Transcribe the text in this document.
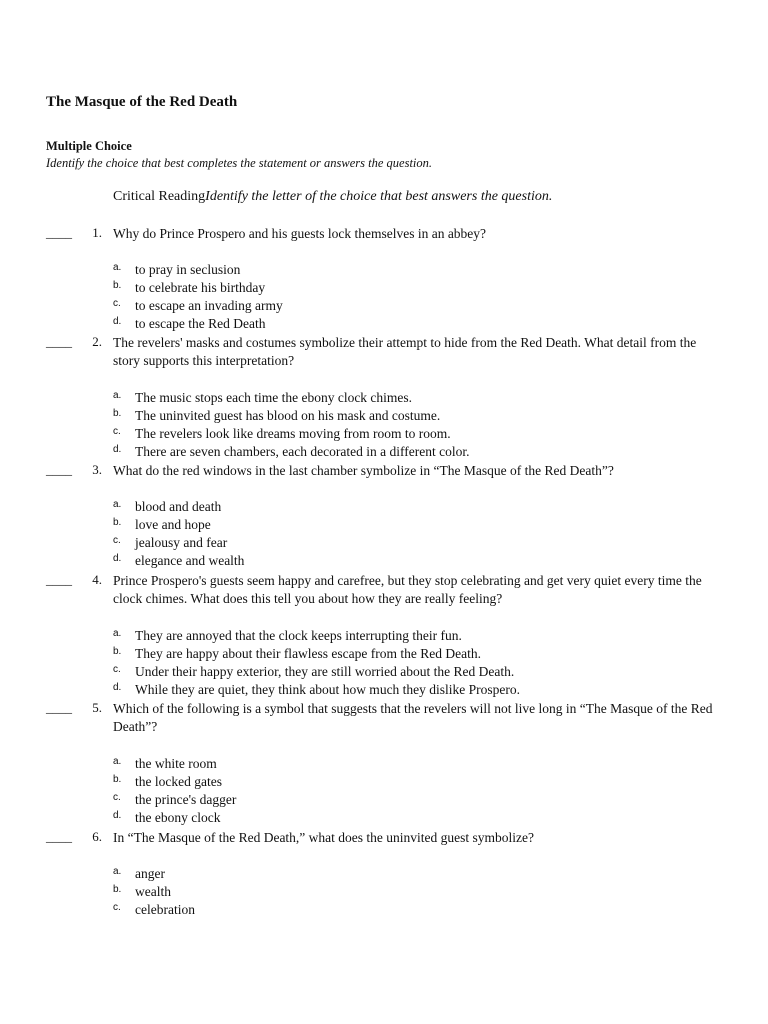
The Masque of the Red Death
Multiple Choice
Identify the choice that best completes the statement or answers the question.
Critical ReadingIdentify the letter of the choice that best answers the question.
____	1. Why do Prince Prospero and his guests lock themselves in an abbey?
a. to pray in seclusion
b. to celebrate his birthday
c. to escape an invading army
d. to escape the Red Death
____	2. The revelers' masks and costumes symbolize their attempt to hide from the Red Death. What detail from the story supports this interpretation?
a. The music stops each time the ebony clock chimes.
b. The uninvited guest has blood on his mask and costume.
c. The revelers look like dreams moving from room to room.
d. There are seven chambers, each decorated in a different color.
____	3. What do the red windows in the last chamber symbolize in “The Masque of the Red Death”?
a. blood and death
b. love and hope
c. jealousy and fear
d. elegance and wealth
____	4. Prince Prospero's guests seem happy and carefree, but they stop celebrating and get very quiet every time the clock chimes. What does this tell you about how they are really feeling?
a. They are annoyed that the clock keeps interrupting their fun.
b. They are happy about their flawless escape from the Red Death.
c. Under their happy exterior, they are still worried about the Red Death.
d. While they are quiet, they think about how much they dislike Prospero.
____	5. Which of the following is a symbol that suggests that the revelers will not live long in “The Masque of the Red Death”?
a. the white room
b. the locked gates
c. the prince's dagger
d. the ebony clock
____	6. In “The Masque of the Red Death,” what does the uninvited guest symbolize?
a. anger
b. wealth
c. celebration
